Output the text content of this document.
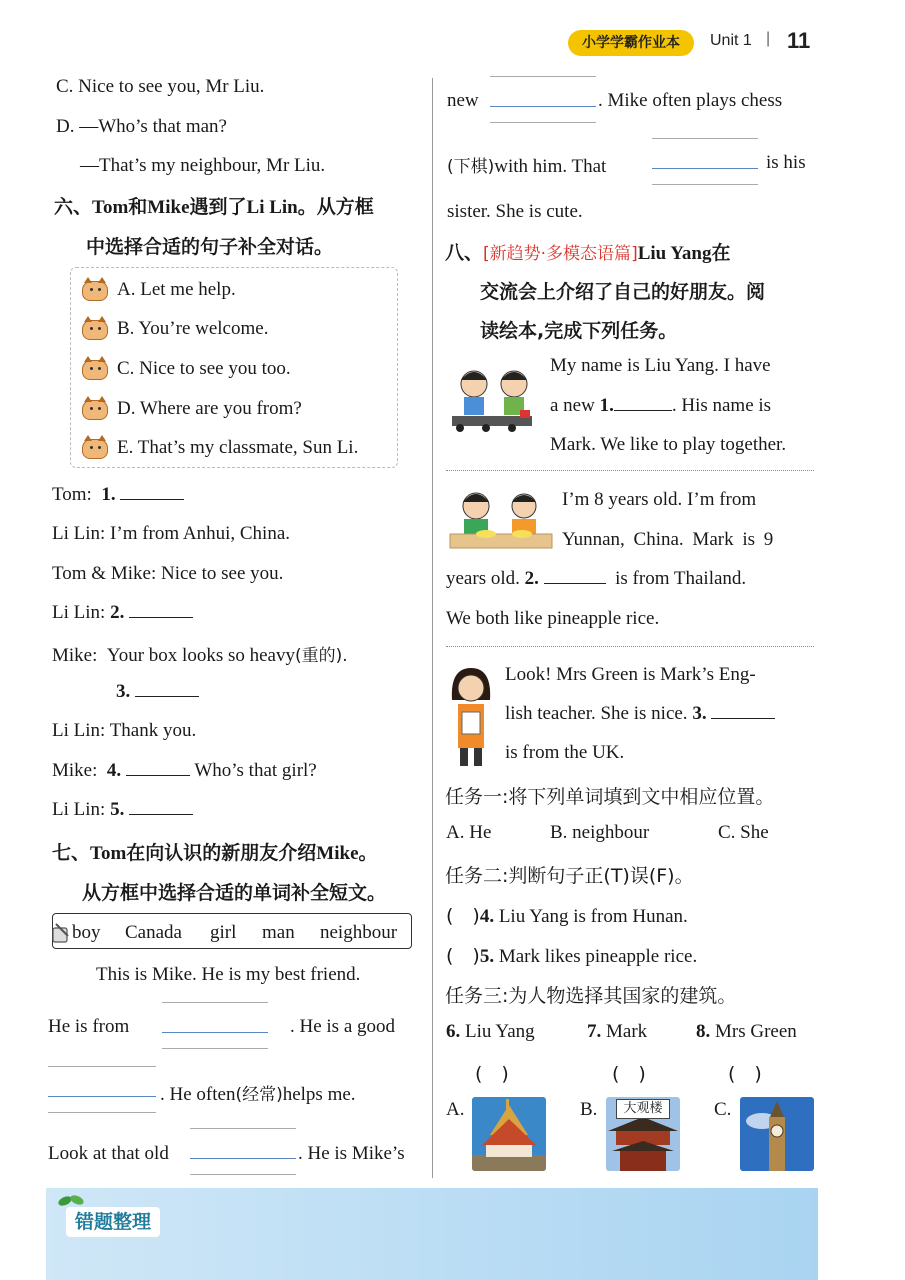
小学学霸作业本	Unit 1 | 11
C. Nice to see you, Mr Liu.
D. —Who’s that man?
—That’s my neighbour, Mr Liu.
六、Tom和Mike遇到了Li Lin。从方框
中选择合适的句子补全对话。
A. Let me help.
B. You’re welcome.
C. Nice to see you too.
D. Where are you from?
E. That’s my classmate, Sun Li.
Tom: 1.
Li Lin: I’m from Anhui, China.
Tom & Mike: Nice to see you.
Li Lin: 2.
Mike: Your box looks so heavy(重的).
3.
Li Lin: Thank you.
Mike: 4.	Who’s that girl?
Li Lin: 5.
七、Tom在向认识的新朋友介绍Mike。
从方框中选择合适的单词补全短文。
boy Canada girl man neighbour
This is Mike. He is my best friend.
He is from	. He is a good
. He often(经常)helps me.
Look at that old	. He is Mike’s
new	. Mike often plays chess
(下棋)with him. That	is his
sister. She is cute.
八、[新趋势·多模态语篇]Liu Yang在
交流会上介绍了自己的好朋友。阅
读绘本,完成下列任务。
My name is Liu Yang. I have
a new 1.	. His name is
Mark. We like to play together.
I’m 8 years old. I’m from
Yunnan, China. Mark is 9
years old. 2.	is from Thailand.
We both like pineapple rice.
Look! Mrs Green is Mark’s Eng-
lish teacher. She is nice. 3.
is from the UK.
任务一:将下列单词填到文中相应位置。
A. He	B. neighbour	C. She
任务二:判断句子正(T)误(F)。
(　)4. Liu Yang is from Hunan.
(　)5. Mark likes pineapple rice.
任务三:为人物选择其国家的建筑。
6. Liu Yang	7. Mark	8. Mrs Green
(　)	(　)	(　)
A.	B.	大观楼	C.
错题整理
